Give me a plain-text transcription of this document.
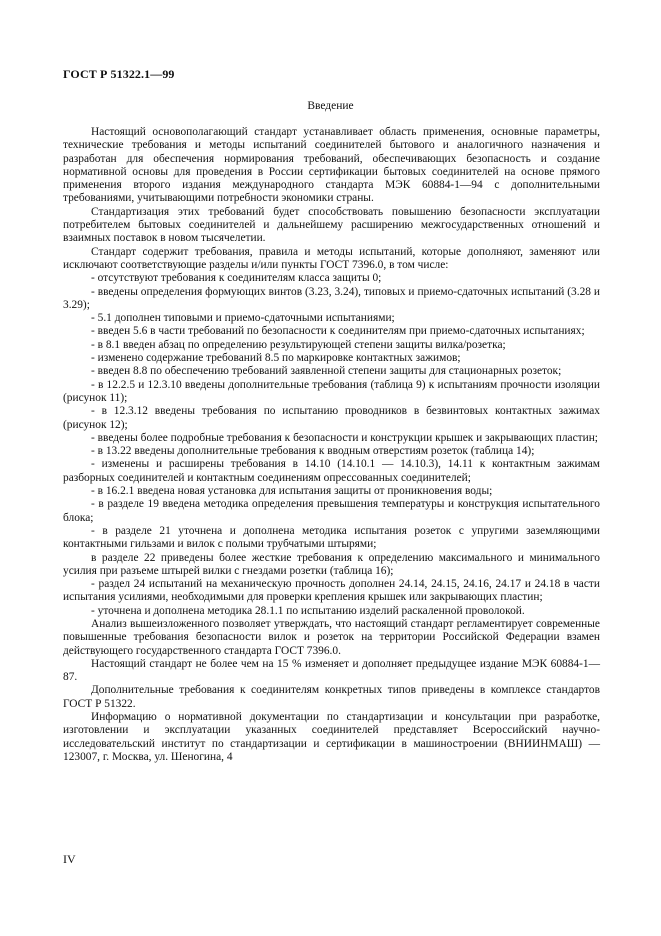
ГОСТ Р 51322.1—99
Введение

Настоящий основополагающий стандарт устанавливает область применения, основные параметры, технические требования и методы испытаний соединителей бытового и аналогичного назначения и разработан для обеспечения нормирования требований, обеспечивающих безопасность и создание нормативной основы для проведения в России сертификации бытовых соединителей на основе прямого применения второго издания международного стандарта МЭК 60884-1—94 с дополнительными требованиями, учитывающими потребности экономики страны.

Стандартизация этих требований будет способствовать повышению безопасности эксплуатации потребителем бытовых соединителей и дальнейшему расширению межгосударственных отношений и взаимных поставок в новом тысячелетии.

Стандарт содержит требования, правила и методы испытаний, которые дополняют, заменяют или исключают соответствующие разделы и/или пункты ГОСТ 7396.0, в том числе:

- отсутствуют требования к соединителям класса защиты 0;

- введены определения формующих винтов (3.23, 3.24), типовых и приемо-сдаточных испытаний (3.28 и 3.29);

- 5.1 дополнен типовыми и приемо-сдаточными испытаниями;

- введен 5.6 в части требований по безопасности к соединителям при приемо-сдаточных испытаниях;

- в 8.1 введен абзац по определению результирующей степени защиты вилка/розетка;

- изменено содержание требований 8.5 по маркировке контактных зажимов;

- введен 8.8 по обеспечению требований заявленной степени защиты для стационарных розеток;

- в 12.2.5 и 12.3.10 введены дополнительные требования (таблица 9) к испытаниям прочности изоляции (рисунок 11);

- в 12.3.12 введены требования по испытанию проводников в безвинтовых контактных зажимах (рисунок 12);

- введены более подробные требования к безопасности и конструкции крышек и закрывающих пластин;

- в 13.22 введены дополнительные требования к вводным отверстиям розеток (таблица 14);

- изменены и расширены требования в 14.10 (14.10.1 — 14.10.3), 14.11 к контактным зажимам разборных соединителей и контактным соединениям опрессованных соединителей;

- в 16.2.1 введена новая установка для испытания защиты от проникновения воды;

- в разделе 19 введена методика определения превышения температуры и конструкция испытательного блока;

- в разделе 21 уточнена и дополнена методика испытания розеток с упругими заземляющими контактными гильзами и вилок с полыми трубчатыми штырями;

в разделе 22 приведены более жесткие требования к определению максимального и минимального усилия при разъеме штырей вилки с гнездами розетки (таблица 16);

- раздел 24 испытаний на механическую прочность дополнен 24.14, 24.15, 24.16, 24.17 и 24.18 в части испытания усилиями, необходимыми для проверки крепления крышек или закрывающих пластин;

- уточнена и дополнена методика 28.1.1 по испытанию изделий раскаленной проволокой.

Анализ вышеизложенного позволяет утверждать, что настоящий стандарт регламентирует современные повышенные требования безопасности вилок и розеток на территории Российской Федерации взамен действующего государственного стандарта ГОСТ 7396.0.

Настоящий стандарт не более чем на 15 % изменяет и дополняет предыдущее издание МЭК 60884-1—87.

Дополнительные требования к соединителям конкретных типов приведены в комплексе стандартов ГОСТ Р 51322.

Информацию о нормативной документации по стандартизации и консультации при разработке, изготовлении и эксплуатации указанных соединителей представляет Всероссийский научно-исследовательский институт по стандартизации и сертификации в машиностроении (ВНИИНМАШ) — 123007, г. Москва, ул. Шеногина, 4

IV
